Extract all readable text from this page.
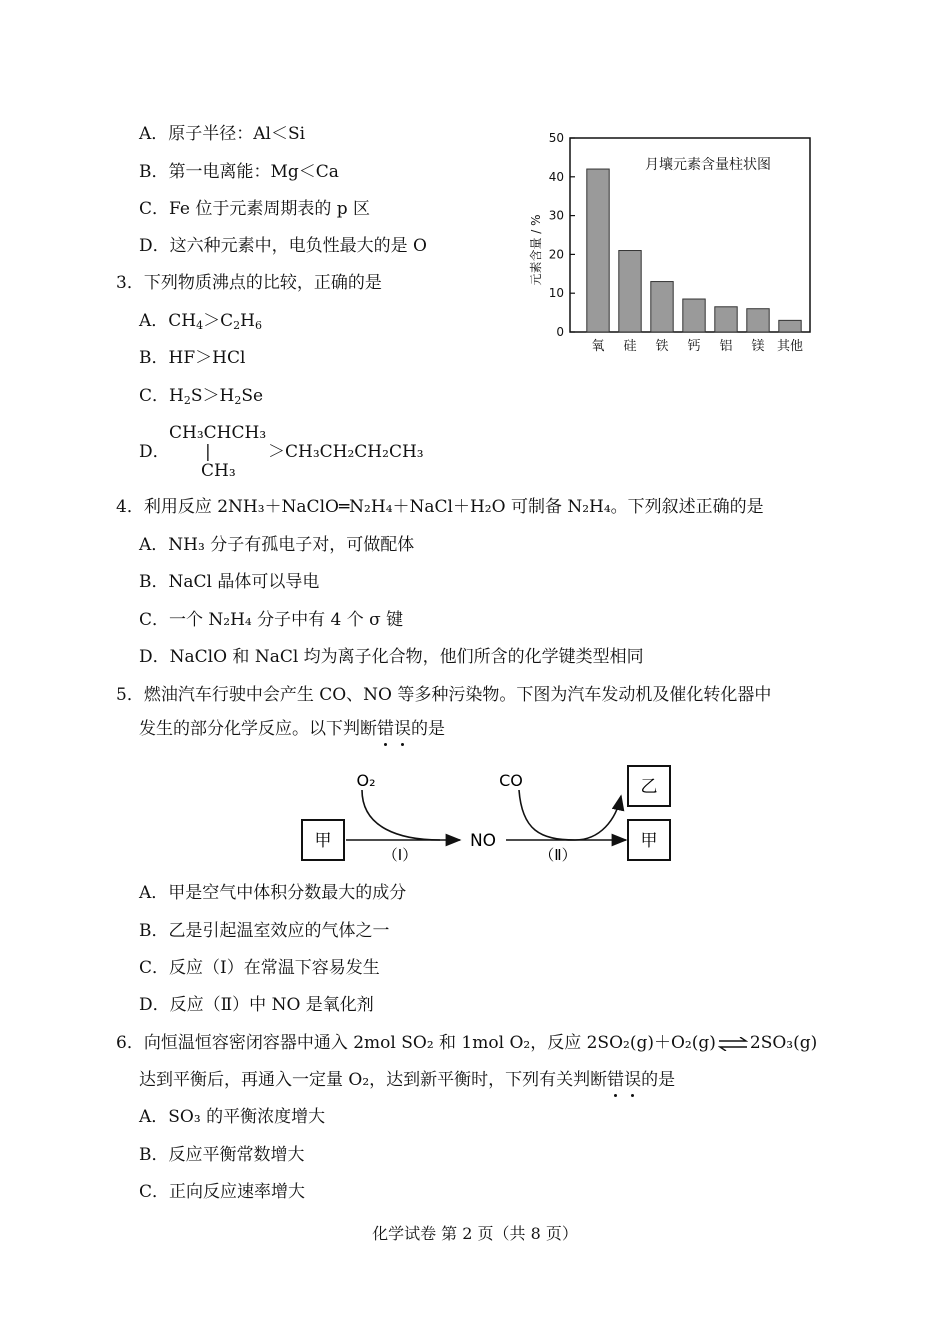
A．原子半径：Al＜Si
B．第一电离能：Mg＜Ca
C．Fe 位于元素周期表的 p 区
D．这六种元素中，电负性最大的是 O
0
10
20
30
40
50
氧 硅 铁 钙 铝 镁 其他
月壤元素含量柱状图
元素含量 / %
3．下列物质沸点的比较，正确的是
A．$CH_4>C_2H_6$
B．HF＞HCl
C．$H_2S>H_2Se$
D．
CH₃CHCH₃
|
CH₃
＞CH₃CH₂CH₂CH₃
4．利用反应 2NH₃＋NaClO═N₂H₄＋NaCl＋H₂O 可制备 N₂H₄。下列叙述正确的是
A．NH₃ 分子有孤电子对，可做配体
B．NaCl 晶体可以导电
C．一个 N₂H₄ 分子中有 4 个 σ 键
D．NaClO 和 NaCl 均为离子化合物，他们所含的化学键类型相同
5．燃油汽车行驶中会产生 CO、NO 等多种污染物。下图为汽车发动机及催化转化器中
发生的部分化学反应。以下判断错误的是
甲
O₂
（Ⅰ）
NO
CO
（Ⅱ）
乙
甲
A．甲是空气中体积分数最大的成分
B．乙是引起温室效应的气体之一
C．反应（Ⅰ）在常温下容易发生
D．反应（Ⅱ）中 NO 是氧化剂
6．向恒温恒容密闭容器中通入 2mol SO₂ 和 1mol O₂，反应 2SO₂(g)＋O₂(g) ⇌ 2SO₃(g)
达到平衡后，再通入一定量 O₂，达到新平衡时，下列有关判断错误的是
A．SO₃ 的平衡浓度增大
B．反应平衡常数增大
C．正向反应速率增大
化学试卷 第 2 页（共 8 页）
